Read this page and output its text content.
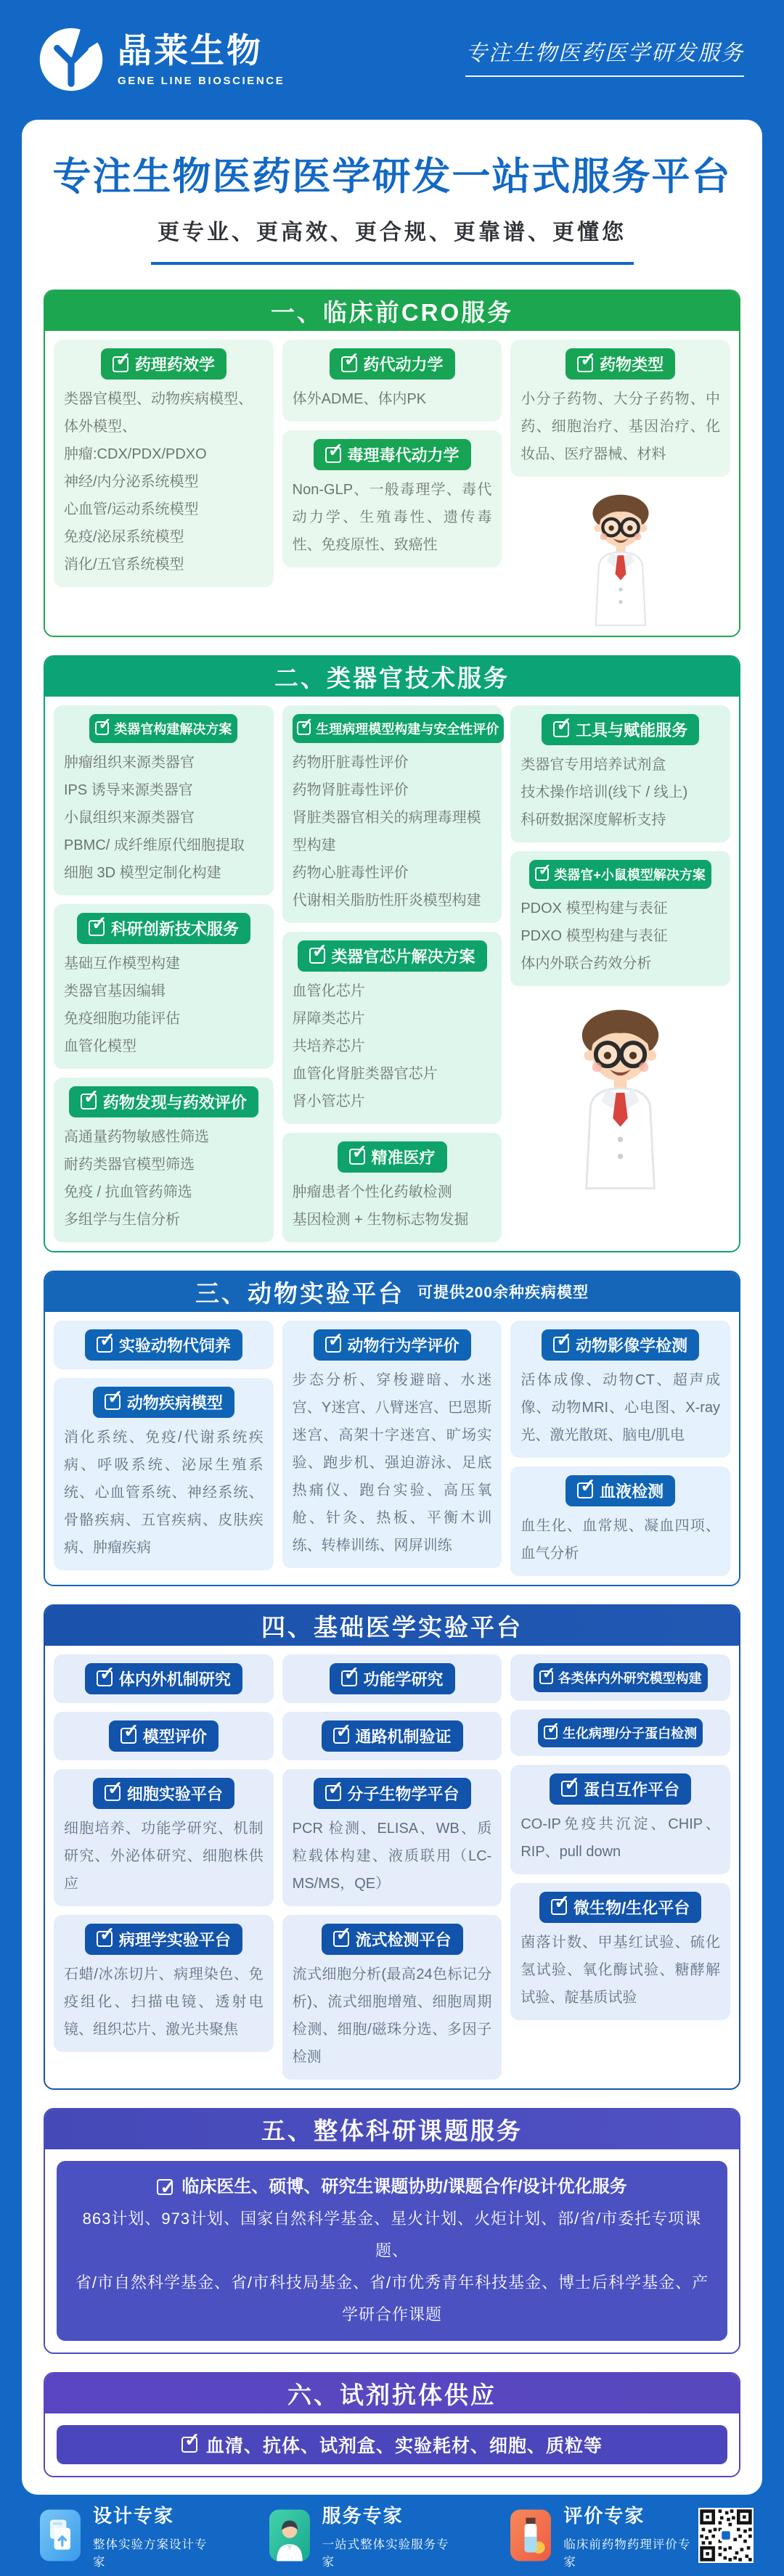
晶莱生物
GENE LINE BIOSCIENCE
专注生物医药医学研发服务
专注生物医药医学研发一站式服务平台
更专业、更高效、更合规、更靠谱、更懂您
一、临床前CRO服务
✓
药理药效学
类器官模型、动物疾病模型、体外模型、
肿瘤:CDX/PDX/PDXO
神经/内分泌系统模型
心血管/运动系统模型
免疫/泌尿系统模型
消化/五官系统模型
✓
药代动力学
体外ADME、体内PK
✓
毒理毒代动力学
Non-GLP、一般毒理学、毒代动力学、生殖毒性、遗传毒性、免疫原性、致癌性
✓
药物类型
小分子药物、大分子药物、中药、细胞治疗、基因治疗、化妆品、医疗器械、材料
二、类器官技术服务
✓
类器官构建解决方案
肿瘤组织来源类器官
IPS 诱导来源类器官
小鼠组织来源类器官
PBMC/ 成纤维原代细胞提取
细胞 3D 模型定制化构建
✓
科研创新技术服务
基础互作模型构建
类器官基因编辑
免疫细胞功能评估
血管化模型
✓
药物发现与药效评价
高通量药物敏感性筛选
耐药类器官模型筛选
免疫 / 抗血管药筛选
多组学与生信分析
✓
生理病理模型构建与安全性评价
药物肝脏毒性评价
药物肾脏毒性评价
肾脏类器官相关的病理毒理模型构建
药物心脏毒性评价
代谢相关脂肪性肝炎模型构建
✓
类器官芯片解决方案
血管化芯片
屏障类芯片
共培养芯片
血管化肾脏类器官芯片
肾小管芯片
✓
精准医疗
肿瘤患者个性化药敏检测
基因检测 + 生物标志物发掘
✓
工具与赋能服务
类器官专用培养试剂盒
技术操作培训(线下 / 线上)
科研数据深度解析支持
✓
类器官+小鼠模型解决方案
PDOX 模型构建与表征
PDXO 模型构建与表征
体内外联合药效分析
三、动物实验平台 可提供200余种疾病模型
✓
实验动物代饲养
✓
动物疾病模型
消化系统、免疫/代谢系统疾病、呼吸系统、泌尿生殖系统、心血管系统、神经系统、骨骼疾病、五官疾病、皮肤疾病、肿瘤疾病
✓
动物行为学评价
步态分析、穿梭避暗、水迷宫、Y迷宫、八臂迷宫、巴恩斯迷宫、高架十字迷宫、旷场实验、跑步机、强迫游泳、足底热痛仪、跑台实验、高压氧舱、针灸、热板、平衡木训练、转棒训练、网屏训练
✓
动物影像学检测
活体成像、动物CT、超声成像、动物MRI、心电图、X-ray光、激光散斑、脑电/肌电
✓
血液检测
血生化、血常规、凝血四项、血气分析
四、基础医学实验平台
✓
体内外机制研究
✓
模型评价
✓
细胞实验平台
细胞培养、功能学研究、机制研究、外泌体研究、细胞株供应
✓
病理学实验平台
石蜡/冰冻切片、病理染色、免疫组化、扫描电镜、透射电镜、组织芯片、激光共聚焦
✓
功能学研究
✓
通路机制验证
✓
分子生物学平台
PCR 检测、ELISA、WB、质粒载体构建、液质联用（LC-MS/MS，QE）
✓
流式检测平台
流式细胞分析(最高24色标记分析)、流式细胞增殖、细胞周期检测、细胞/磁珠分选、多因子检测
✓
各类体内外研究模型构建
✓
生化病理/分子蛋白检测
✓
蛋白互作平台
CO-IP免疫共沉淀、CHIP、RIP、pull down
✓
微生物/生化平台
菌落计数、甲基红试验、硫化氢试验、氧化酶试验、糖酵解试验、靛基质试验
五、整体科研课题服务
✓
临床医生、硕博、研究生课题协助/课题合作/设计优化服务
863计划、973计划、国家自然科学基金、星火计划、火炬计划、部/省/市委托专项课题、
省/市自然科学基金、省/市科技局基金、省/市优秀青年科技基金、博士后科学基金、产学研合作课题
六、试剂抗体供应
✓
血清、抗体、试剂盒、实验耗材、细胞、质粒等
设计专家
整体实验方案设计专家
服务专家
一站式整体实验服务专家
评价专家
临床前药物药理评价专家
